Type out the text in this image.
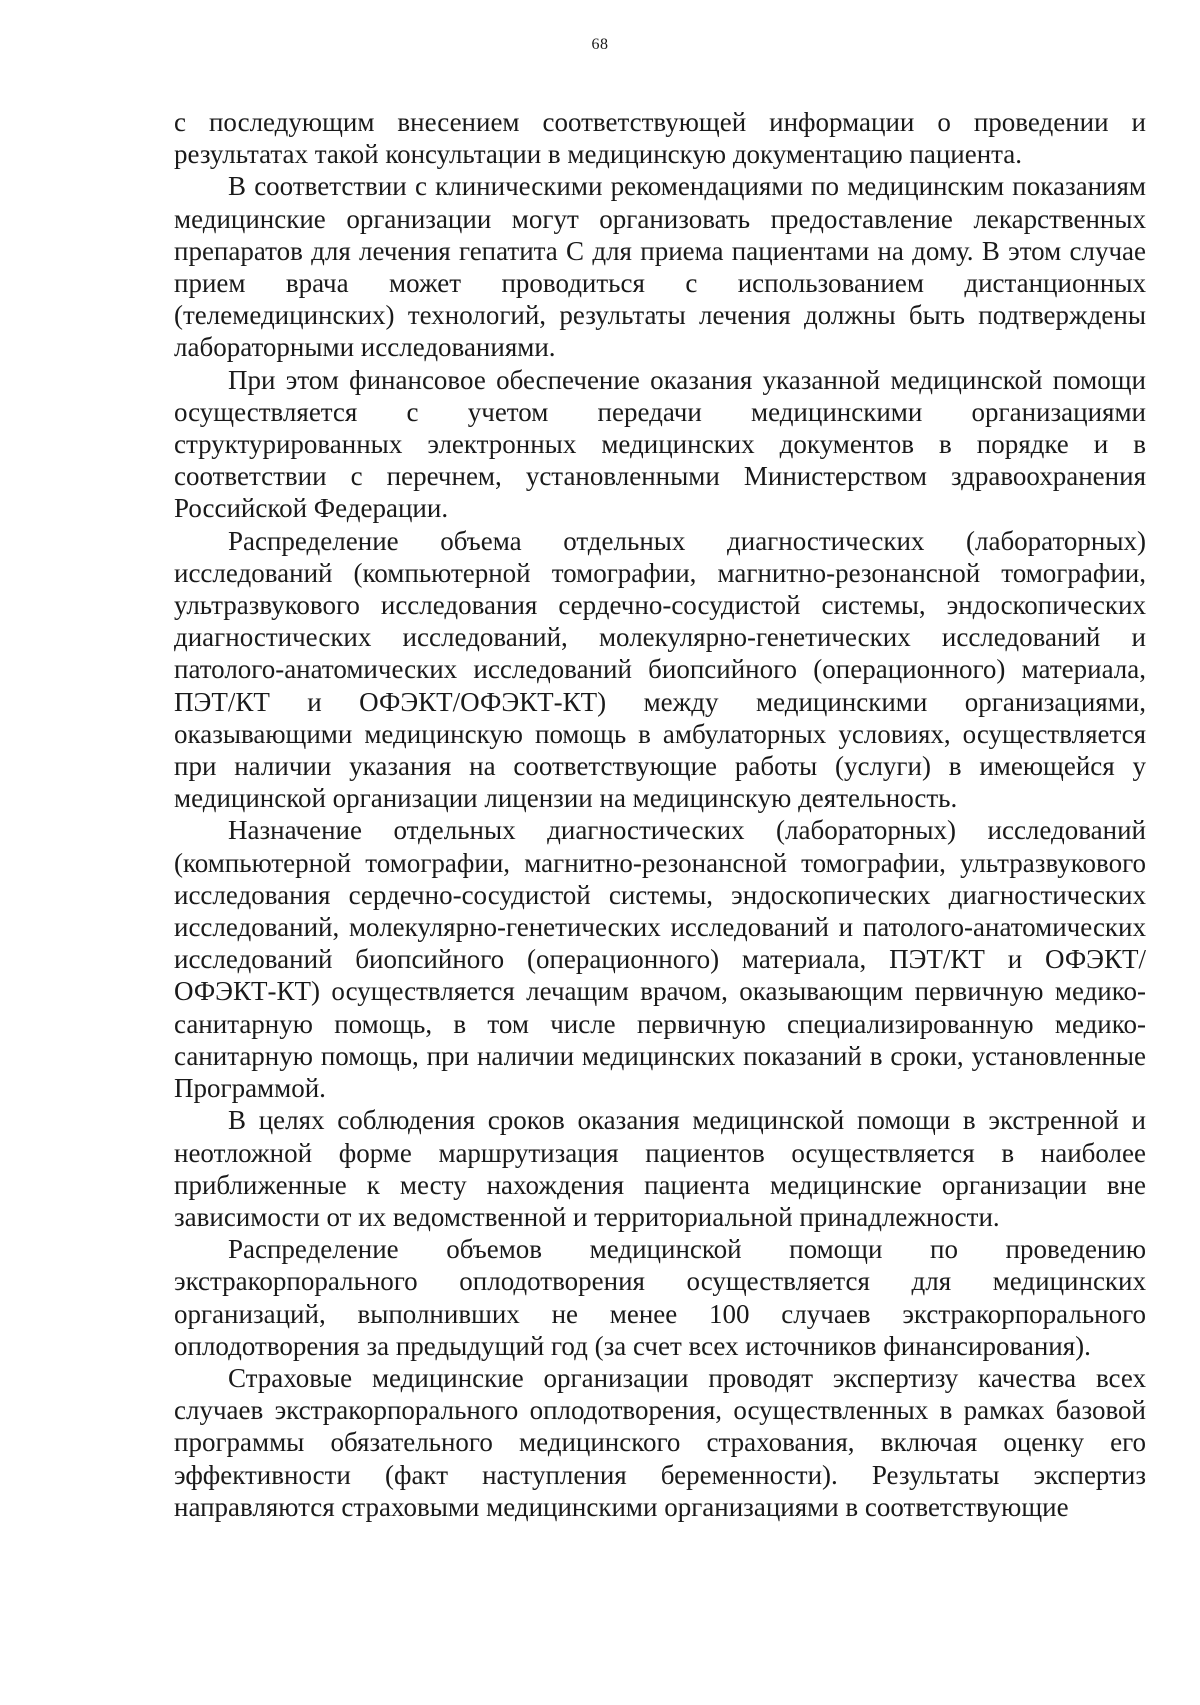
68

с последующим внесением соответствующей информации о проведении и результатах такой консультации в медицинскую документацию пациента.

В соответствии с клиническими рекомендациями по медицинским показаниям медицинские организации могут организовать предоставление лекарственных препаратов для лечения гепатита С для приема пациентами на дому. В этом случае прием врача может проводиться с использованием дистанционных (телемедицинских) технологий, результаты лечения должны быть подтверждены лабораторными исследованиями.

При этом финансовое обеспечение оказания указанной медицинской помощи осуществляется с учетом передачи медицинскими организациями структурированных электронных медицинских документов в порядке и в соответствии с перечнем, установленными Министерством здравоохранения Российской Федерации.

Распределение объема отдельных диагностических (лабораторных) исследований (компьютерной томографии, магнитно-резонансной томографии, ультразвукового исследования сердечно-сосудистой системы, эндоскопических диагностических исследований, молекулярно-генетических исследований и патолого-анатомических исследований биопсийного (операционного) материала, ПЭТ/КТ и ОФЭКТ/ОФЭКТ-КТ) между медицинскими организациями, оказывающими медицинскую помощь в амбулаторных условиях, осуществляется при наличии указания на соответствующие работы (услуги) в имеющейся у медицинской организации лицензии на медицинскую деятельность.

Назначение отдельных диагностических (лабораторных) исследований (компьютерной томографии, магнитно-резонансной томографии, ультразвукового исследования сердечно-сосудистой системы, эндоскопических диагностических исследований, молекулярно-генетических исследований и патолого-анатомических исследований биопсийного (операционного) материала, ПЭТ/КТ и ОФЭКТ/ОФЭКТ-КТ) осуществляется лечащим врачом, оказывающим первичную медико-санитарную помощь, в том числе первичную специализированную медико-санитарную помощь, при наличии медицинских показаний в сроки, установленные Программой.

В целях соблюдения сроков оказания медицинской помощи в экстренной и неотложной форме маршрутизация пациентов осуществляется в наиболее приближенные к месту нахождения пациента медицинские организации вне зависимости от их ведомственной и территориальной принадлежности.

Распределение объемов медицинской помощи по проведению экстракорпорального оплодотворения осуществляется для медицинских организаций, выполнивших не менее 100 случаев экстракорпорального оплодотворения за предыдущий год (за счет всех источников финансирования).

Страховые медицинские организации проводят экспертизу качества всех случаев экстракорпорального оплодотворения, осуществленных в рамках базовой программы обязательного медицинского страхования, включая оценку его эффективности (факт наступления беременности). Результаты экспертиз направляются страховыми медицинскими организациями в соответствующие
